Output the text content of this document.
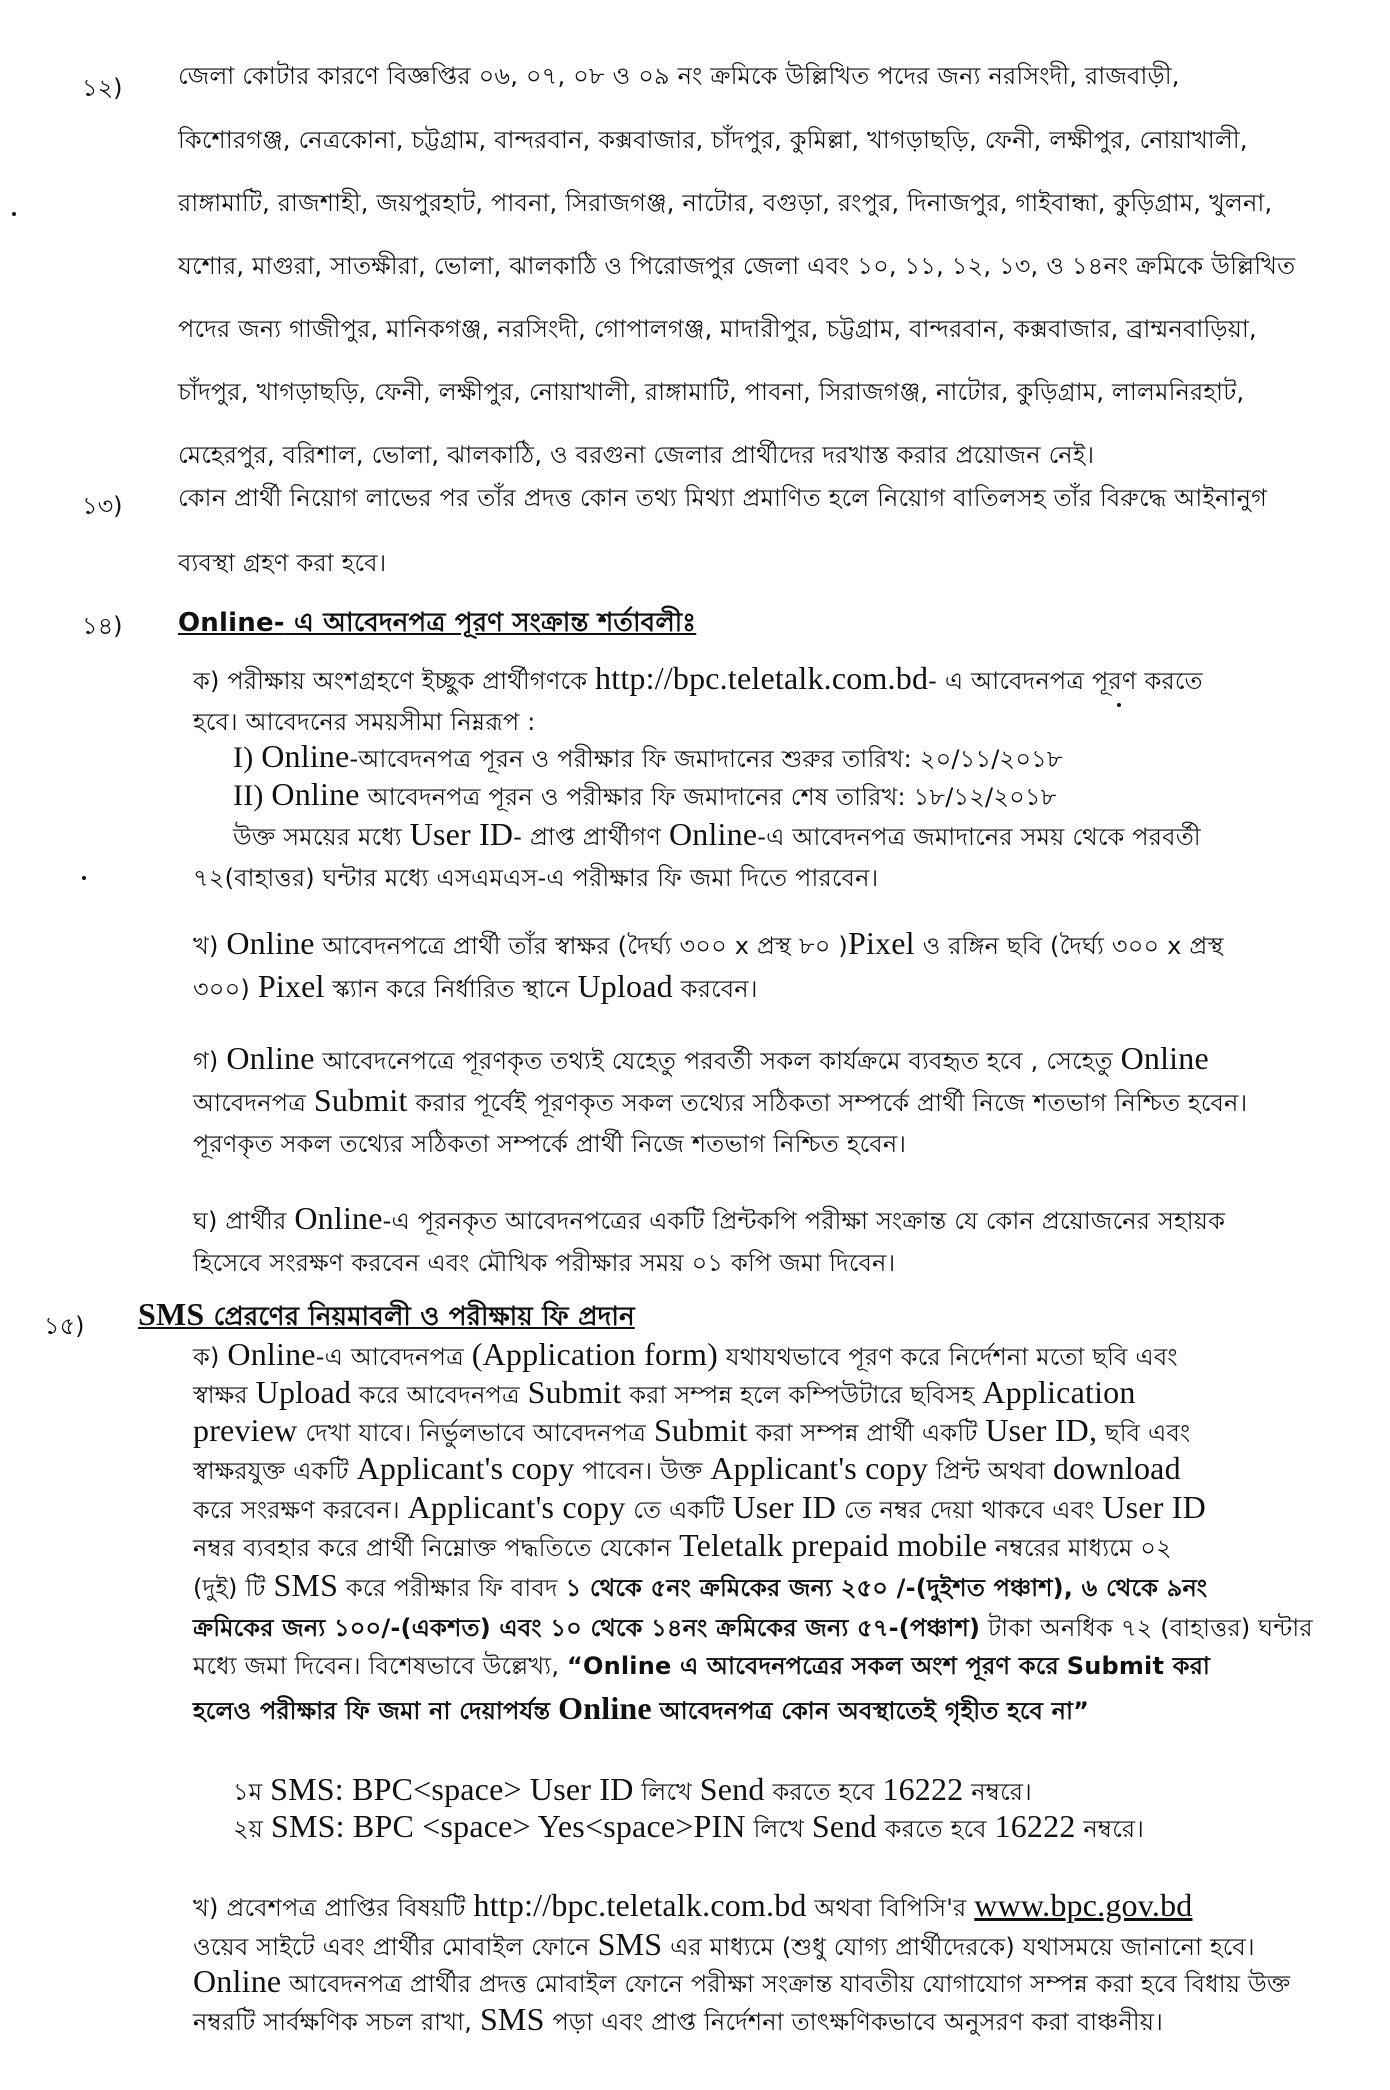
১২) জেলা কোটার কারণে বিজ্ঞপ্তির ০৬, ০৭, ০৮ ও ০৯ নং ক্রমিকে উল্লিখিত পদের জন্য নরসিংদী, রাজবাড়ী,
কিশোরগঞ্জ, নেত্রকোনা, চট্টগ্রাম, বান্দরবান, কক্সবাজার, চাঁদপুর, কুমিল্লা, খাগড়াছড়ি, ফেনী, লক্ষীপুর, নোয়াখালী,
রাঙ্গামাটি, রাজশাহী, জয়পুরহাট, পাবনা, সিরাজগঞ্জ, নাটোর, বগুড়া, রংপুর, দিনাজপুর, গাইবান্ধা, কুড়িগ্রাম, খুলনা,
যশোর, মাগুরা, সাতক্ষীরা, ভোলা, ঝালকাঠি ও পিরোজপুর জেলা এবং ১০, ১১, ১২, ১৩, ও ১৪নং ক্রমিকে উল্লিখিত
পদের জন্য গাজীপুর, মানিকগঞ্জ, নরসিংদী, গোপালগঞ্জ, মাদারীপুর, চট্টগ্রাম, বান্দরবান, কক্সবাজার, ব্রাম্মনবাড়িয়া,
চাঁদপুর, খাগড়াছড়ি, ফেনী, লক্ষীপুর, নোয়াখালী, রাঙ্গামাটি, পাবনা, সিরাজগঞ্জ, নাটোর, কুড়িগ্রাম, লালমনিরহাট,
মেহেরপুর, বরিশাল, ভোলা, ঝালকাঠি, ও বরগুনা জেলার প্রার্থীদের দরখাস্ত করার প্রয়োজন নেই।
১৩) কোন প্রার্থী নিয়োগ লাভের পর তাঁর প্রদত্ত কোন তথ্য মিথ্যা প্রমাণিত হলে নিয়োগ বাতিলসহ তাঁর বিরুদ্ধে আইনানুগ
ব্যবস্থা গ্রহণ করা হবে।
১৪) Online- এ আবেদনপত্র পূরণ সংক্রান্ত শর্তাবলীঃ
ক) পরীক্ষায় অংশগ্রহণে ইচ্ছুক প্রার্থীগণকে http://bpc.teletalk.com.bd- এ আবেদনপত্র পূরণ করতে
হবে। আবেদনের সময়সীমা নিম্নরূপ :
I) Online-আবেদনপত্র পূরন ও পরীক্ষার ফি জমাদানের শুরুর তারিখ: ২০/১১/২০১৮
II) Online আবেদনপত্র পূরন ও পরীক্ষার ফি জমাদানের শেষ তারিখ: ১৮/১২/২০১৮
উক্ত সময়ের মধ্যে User ID- প্রাপ্ত প্রার্থীগণ Online-এ আবেদনপত্র জমাদানের সময় থেকে পরবর্তী
৭২(বাহাত্তর) ঘন্টার মধ্যে এসএমএস-এ পরীক্ষার ফি জমা দিতে পারবেন।
খ) Online আবেদনপত্রে প্রার্থী তাঁর স্বাক্ষর (দৈর্ঘ্য ৩০০ x প্রস্থ ৮০ )Pixel ও রঙ্গিন ছবি (দৈর্ঘ্য ৩০০ x প্রস্থ
৩০০) Pixel স্ক্যান করে নির্ধারিত স্থানে Upload করবেন।
গ) Online আবেদনেপত্রে পূরণকৃত তথ্যই যেহেতু পরবর্তী সকল কার্যক্রমে ব্যবহৃত হবে , সেহেতু Online
আবেদনপত্র Submit করার পূর্বেই পূরণকৃত সকল তথ্যের সঠিকতা সম্পর্কে প্রার্থী নিজে শতভাগ নিশ্চিত হবেন।
পূরণকৃত সকল তথ্যের সঠিকতা সম্পর্কে প্রার্থী নিজে শতভাগ নিশ্চিত হবেন।
ঘ) প্রার্থীর Online-এ পূরনকৃত আবেদনপত্রের একটি প্রিন্টকপি পরীক্ষা সংক্রান্ত যে কোন প্রয়োজনের সহায়ক
হিসেবে সংরক্ষণ করবেন এবং মৌখিক পরীক্ষার সময় ০১ কপি জমা দিবেন।
১৫) SMS প্রেরণের নিয়মাবলী ও পরীক্ষায় ফি প্রদান
ক) Online-এ আবেদনপত্র (Application form) যথাযথভাবে পূরণ করে নির্দেশনা মতো ছবি এবং
স্বাক্ষর Upload করে আবেদনপত্র Submit করা সম্পন্ন হলে কম্পিউটারে ছবিসহ Application
preview দেখা যাবে। নির্ভুলভাবে আবেদনপত্র Submit করা সম্পন্ন প্রার্থী একটি User ID, ছবি এবং
স্বাক্ষরযুক্ত একটি Applicant's copy পাবেন। উক্ত Applicant's copy প্রিন্ট অথবা download
করে সংরক্ষণ করবেন। Applicant's copy তে একটি User ID তে নম্বর দেয়া থাকবে এবং User ID
নম্বর ব্যবহার করে প্রার্থী নিম্নোক্ত পদ্ধতিতে যেকোন Teletalk prepaid mobile নম্বরের মাধ্যমে ০২
(দুই) টি SMS করে পরীক্ষার ফি বাবদ ১ থেকে ৫নং ক্রমিকের জন্য ২৫০ /-(দুইশত পঞ্চাশ), ৬ থেকে ৯নং
ক্রমিকের জন্য ১০০/-(একশত) এবং ১০ থেকে ১৪নং ক্রমিকের জন্য ৫৭-(পঞ্চাশ) টাকা অনধিক ৭২ (বাহাত্তর) ঘন্টার
মধ্যে জমা দিবেন। বিশেষভাবে উল্লেখ্য, “Online এ আবেদনপত্রের সকল অংশ পূরণ করে Submit করা
হলেও পরীক্ষার ফি জমা না দেয়াপর্যন্ত Online আবেদনপত্র কোন অবস্থাতেই গৃহীত হবে না”
১ম SMS: BPC<space> User ID লিখে Send করতে হবে 16222 নম্বরে।
২য় SMS: BPC <space> Yes<space>PIN লিখে Send করতে হবে 16222 নম্বরে।
খ) প্রবেশপত্র প্রাপ্তির বিষয়টি http://bpc.teletalk.com.bd অথবা বিপিসি'র www.bpc.gov.bd
ওয়েব সাইটে এবং প্রার্থীর মোবাইল ফোনে SMS এর মাধ্যমে (শুধু যোগ্য প্রার্থীদেরকে) যথাসময়ে জানানো হবে।
Online আবেদনপত্র প্রার্থীর প্রদত্ত মোবাইল ফোনে পরীক্ষা সংক্রান্ত যাবতীয় যোগাযোগ সম্পন্ন করা হবে বিধায় উক্ত
নম্বরটি সার্বক্ষণিক সচল রাখা, SMS পড়া এবং প্রাপ্ত নির্দেশনা তাৎক্ষণিকভাবে অনুসরণ করা বাঞ্চনীয়।
